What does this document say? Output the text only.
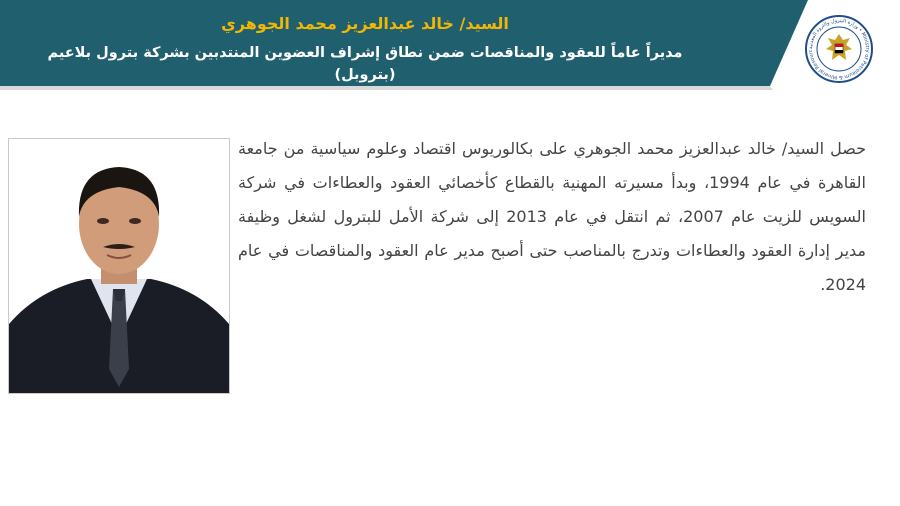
السيد/ خالد عبدالعزيز محمد الجوهري
مديراً عاماً للعقود والمناقصات ضمن نطاق إشراف العضوين المنتدبين بشركة بترول بلاعيم (بتروبل)
وزارة البترول والثروة المعدنية • Ministry of Petroleum & Mineral Resourc
حصل السيد/ خالد عبدالعزيز محمد الجوهري على بكالوريوس اقتصاد وعلوم سياسية من جامعة القاهرة في عام 1994، وبدأ مسيرته المهنية بالقطاع كأخصائي العقود والعطاءات في شركة السويس للزيت عام 2007، ثم انتقل في عام 2013 إلى شركة الأمل للبترول لشغل وظيفة مدير إدارة العقود والعطاءات وتدرج بالمناصب حتى أصبح مدير عام العقود والمناقصات في عام 2024.
